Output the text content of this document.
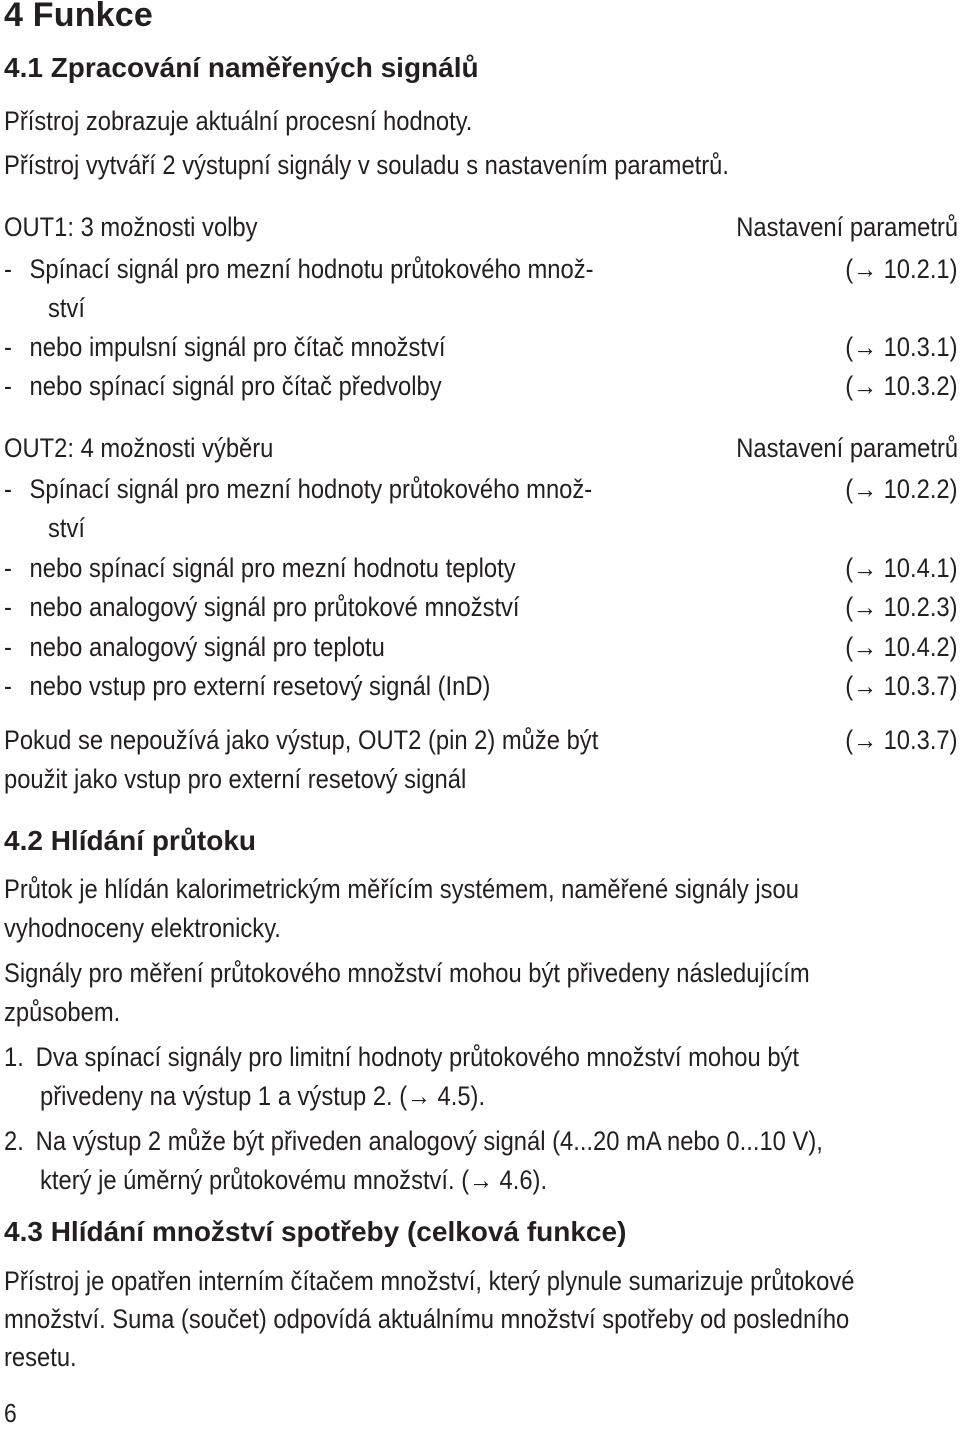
4 Funkce
4.1 Zpracování naměřených signálů
Přístroj zobrazuje aktuální procesní hodnoty.
Přístroj vytváří 2 výstupní signály v souladu s nastavením parametrů.
OUT1: 3 možnosti volby	Nastavení parametrů
- Spínací signál pro mezní hodnotu průtokového množ-	(→ 10.2.1)
ství
- nebo impulsní signál pro čítač množství	(→ 10.3.1)
- nebo spínací signál pro čítač předvolby	(→ 10.3.2)
OUT2: 4 možnosti výběru	Nastavení parametrů
- Spínací signál pro mezní hodnoty průtokového množ-	(→ 10.2.2)
ství
- nebo spínací signál pro mezní hodnotu teploty	(→ 10.4.1)
- nebo analogový signál pro průtokové množství	(→ 10.2.3)
- nebo analogový signál pro teplotu	(→ 10.4.2)
- nebo vstup pro externí resetový signál (InD)	(→ 10.3.7)
Pokud se nepoužívá jako výstup, OUT2 (pin 2) může být	(→ 10.3.7)
použit jako vstup pro externí resetový signál
4.2 Hlídání průtoku
Průtok je hlídán kalorimetrickým měřícím systémem, naměřené signály jsou
vyhodnoceny elektronicky.
Signály pro měření průtokového množství mohou být přivedeny následujícím
způsobem.
1. Dva spínací signály pro limitní hodnoty průtokového množství mohou být
přivedeny na výstup 1 a výstup 2. (→ 4.5).
2. Na výstup 2 může být přiveden analogový signál (4...20 mA nebo 0...10 V),
který je úměrný průtokovému množství. (→ 4.6).
4.3 Hlídání množství spotřeby (celková funkce)
Přístroj je opatřen interním čítačem množství, který plynule sumarizuje průtokové
množství. Suma (součet) odpovídá aktuálnímu množství spotřeby od posledního
resetu.
6
